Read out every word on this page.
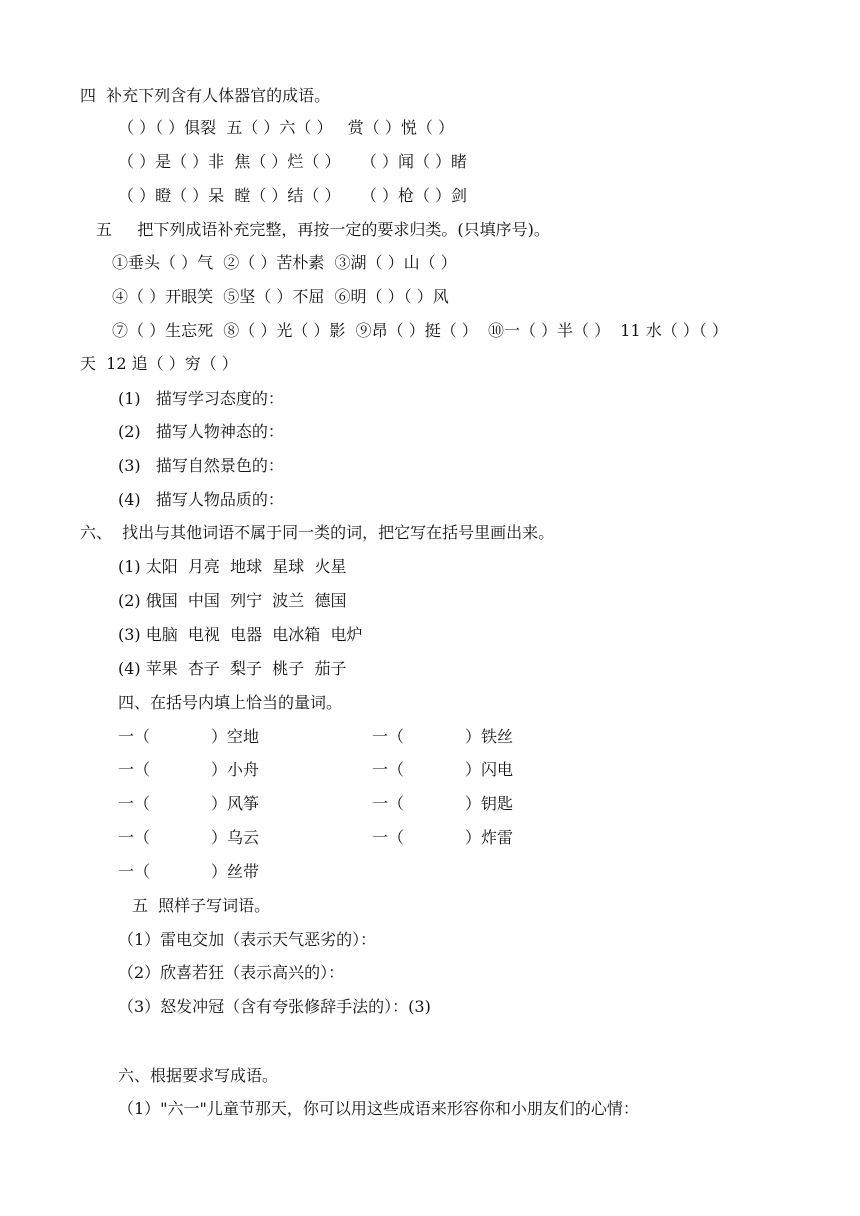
四  补充下列含有人体器官的成语。
（ ）（ ）俱裂  五（ ）六（ ）   赏（ ）悦（ ）
（ ）是（ ）非  焦（ ）烂（ ）    （ ）闻（ ）睹
（ ）瞪（ ）呆  瞠（ ）结（ ）    （ ）枪（ ）剑
五     把下列成语补充完整，再按一定的要求归类。(只填序号)。
①垂头（ ）气  ②（ ）苦朴素  ③湖（ ）山（ ）
④（ ）开眼笑  ⑤坚（ ）不屈  ⑥明（ ）（ ）风
⑦（ ）生忘死  ⑧（ ）光（ ）影  ⑨昂（ ）挺（ ）  ⑩一（ ）半（ ）  11 水（ ）（ ）
天  12 追（ ）穷（ ）
(1)   描写学习态度的：
(2)   描写人物神态的：
(3)   描写自然景色的：
(4)   描写人物品质的：
六、  找出与其他词语不属于同一类的词，把它写在括号里画出来。
(1) 太阳  月亮  地球  星球  火星
(2) 俄国  中国  列宁  波兰  德国
(3) 电脑  电视  电器  电冰箱  电炉
(4) 苹果  杏子  梨子  桃子  茄子
四、在括号内填上恰当的量词。
一（            ）空地	一（            ）铁丝
一（            ）小舟	一（            ）闪电
一（            ）风筝	一（            ）钥匙
一（            ）乌云	一（            ）炸雷
一（            ）丝带
五  照样子写词语。
（1）雷电交加（表示天气恶劣的）：
（2）欣喜若狂（表示高兴的）：
（3）怒发冲冠（含有夸张修辞手法的）：(3)
六、根据要求写成语。
（1）"六一"儿童节那天，你可以用这些成语来形容你和小朋友们的心情：
